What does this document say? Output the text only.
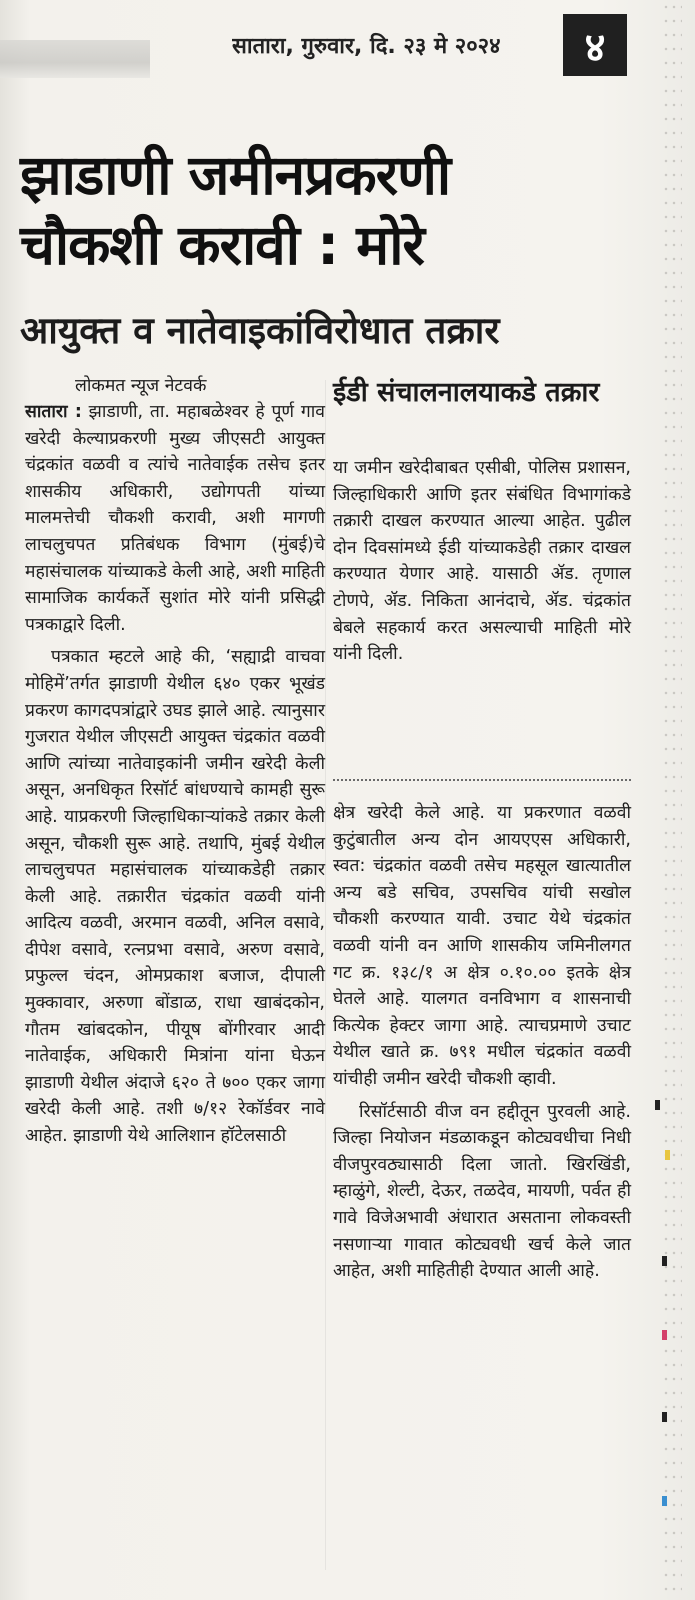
सातारा, गुरुवार, दि. २३ मे २०२४	४
झाडाणी जमीनप्रकरणी
चौकशी करावी : मोरे
आयुक्त व नातेवाइकांविरोधात तक्रार
लोकमत न्यूज नेटवर्क

सातारा : झाडाणी, ता. महाबळेश्वर हे पूर्ण गाव खरेदी केल्याप्रकरणी मुख्य जीएसटी आयुक्त चंद्रकांत वळवी व त्यांचे नातेवाईक तसेच इतर शासकीय अधिकारी, उद्योगपती यांच्या मालमत्तेची चौकशी करावी, अशी मागणी लाचलुचपत प्रतिबंधक विभाग (मुंबई)चे महासंचालक यांच्याकडे केली आहे, अशी माहिती सामाजिक कार्यकर्ते सुशांत मोरे यांनी प्रसिद्धी पत्रकाद्वारे दिली.

पत्रकात म्हटले आहे की, ‘सह्याद्री वाचवा मोहिमें’तर्गत झाडाणी येथील ६४० एकर भूखंड प्रकरण कागदपत्रांद्वारे उघड झाले आहे. त्यानुसार गुजरात येथील जीएसटी आयुक्त चंद्रकांत वळवी आणि त्यांच्या नातेवाइकांनी जमीन खरेदी केली असून, अनधिकृत रिसॉर्ट बांधण्याचे कामही सुरू आहे. याप्रकरणी जिल्हाधिकाऱ्यांकडे तक्रार केली असून, चौकशी सुरू आहे. तथापि, मुंबई येथील लाचलुचपत महासंचालक यांच्याकडेही तक्रार केली आहे. तक्रारीत चंद्रकांत वळवी यांनी आदित्य वळवी, अरमान वळवी, अनिल वसावे, दीपेश वसावे, रत्नप्रभा वसावे, अरुण वसावे, प्रफुल्ल चंदन, ओमप्रकाश बजाज, दीपाली मुक्कावार, अरुणा बोंडाळ, राधा खाबंदकोन, गौतम खांबदकोन, पीयूष बोंगीरवार आदी नातेवाईक, अधिकारी मित्रांना यांना घेऊन झाडाणी येथील अंदाजे ६२० ते ७०० एकर जागा खरेदी केली आहे. तशी ७/१२ रेकॉर्डवर नावे आहेत. झाडाणी येथे आलिशान हॉटेलसाठी

ईडी संचालनालयाकडे तक्रार

या जमीन खरेदीबाबत एसीबी, पोलिस प्रशासन, जिल्हाधिकारी आणि इतर संबंधित विभागांकडे तक्रारी दाखल करण्यात आल्या आहेत. पुढील दोन दिवसांमध्ये ईडी यांच्याकडेही तक्रार दाखल करण्यात येणार आहे. यासाठी ॲड. तृणाल टोणपे, ॲड. निकिता आनंदाचे, ॲड. चंद्रकांत बेबले सहकार्य करत असल्याची माहिती मोरे यांनी दिली.

क्षेत्र खरेदी केले आहे. या प्रकरणात वळवी कुटुंबातील अन्य दोन आयएएस अधिकारी, स्वत: चंद्रकांत वळवी तसेच महसूल खात्यातील अन्य बडे सचिव, उपसचिव यांची सखोल चौकशी करण्यात यावी. उचाट येथे चंद्रकांत वळवी यांनी वन आणि शासकीय जमिनीलगत गट क्र. १३८/१ अ क्षेत्र ०.१०.०० इतके क्षेत्र घेतले आहे. यालगत वनविभाग व शासनाची कित्येक हेक्टर जागा आहे. त्याचप्रमाणे उचाट येथील खाते क्र. ७९१ मधील चंद्रकांत वळवी यांचीही जमीन खरेदी चौकशी व्हावी.

रिसॉर्टसाठी वीज वन हद्दीतून पुरवली आहे. जिल्हा नियोजन मंडळाकडून कोट्यवधीचा निधी वीजपुरवठ्यासाठी दिला जातो. खिरखिंडी, म्हाळुंगे, शेल्टी, देऊर, तळदेव, मायणी, पर्वत ही गावे विजेअभावी अंधारात असताना लोकवस्ती नसणाऱ्या गावात कोट्यवधी खर्च केले जात आहेत, अशी माहितीही देण्यात आली आहे.
